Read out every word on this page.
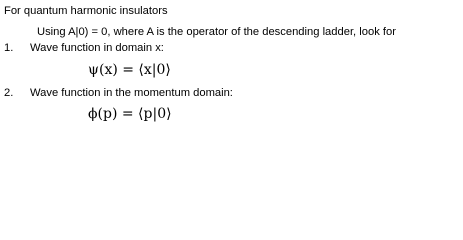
For quantum harmonic insulators
Using A|0) = 0, where A is the operator of the descending ladder, look for
1. Wave function in domain x:
ψ(x) = ⟨x|0⟩
2. Wave function in the momentum domain:
ϕ(p) = ⟨p|0⟩
